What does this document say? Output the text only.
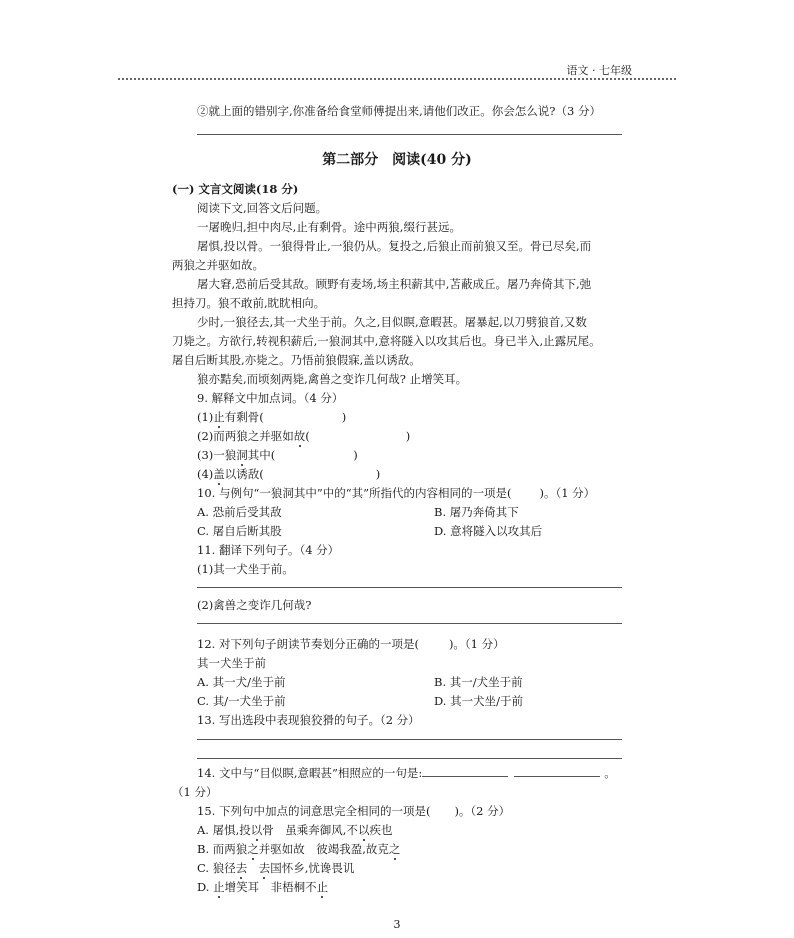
语文 · 七年级
②就上面的错别字,你准备给食堂师傅提出来,请他们改正。你会怎么说?（3 分）
第二部分　阅读(40 分)
(一) 文言文阅读(18 分)
阅读下文,回答文后问题。
一屠晚归,担中肉尽,止有剩骨。途中两狼,缀行甚远。
屠惧,投以骨。一狼得骨止,一狼仍从。复投之,后狼止而前狼又至。骨已尽矣,而
两狼之并驱如故。
屠大窘,恐前后受其敌。顾野有麦场,场主积薪其中,苫蔽成丘。屠乃奔倚其下,弛
担持刀。狼不敢前,眈眈相向。
少时,一狼径去,其一犬坐于前。久之,目似瞑,意暇甚。屠暴起,以刀劈狼首,又数
刀毙之。方欲行,转视积薪后,一狼洞其中,意将隧入以攻其后也。身已半入,止露尻尾。
屠自后断其股,亦毙之。乃悟前狼假寐,盖以诱敌。
狼亦黠矣,而顷刻两毙,禽兽之变诈几何哉? 止增笑耳。
9. 解释文中加点词。（4 分）
(1)止有剩骨(	)
(2)而两狼之并驱如故(	)
(3)一狼洞其中(	)
(4)盖以诱敌(	)
10. 与例句“一狼洞其中”中的“其”所指代的内容相同的一项是( )。（1 分）
A. 恐前后受其敌	B. 屠乃奔倚其下
C. 屠自后断其股	D. 意将隧入以攻其后
11. 翻译下列句子。（4 分）
(1)其一犬坐于前。
(2)禽兽之变诈几何哉?
12. 对下列句子朗读节奏划分正确的一项是(	)。（1 分）
其一犬坐于前
A. 其一犬/坐于前	B. 其一/犬坐于前
C. 其/一犬坐于前	D. 其一犬坐/于前
13. 写出选段中表现狼狡猾的句子。（2 分）
14. 文中与“目似瞑,意暇甚”相照应的一句是:	。
（1 分）
15. 下列句中加点的词意思完全相同的一项是( )。（2 分）
A. 屠惧,投以骨　虽乘奔御风,不以疾也
B. 而两狼之并驱如故　彼竭我盈,故克之
C. 狼径去　 去国怀乡,忧谗畏讥
D. 止增笑耳　非梧桐不止
3
